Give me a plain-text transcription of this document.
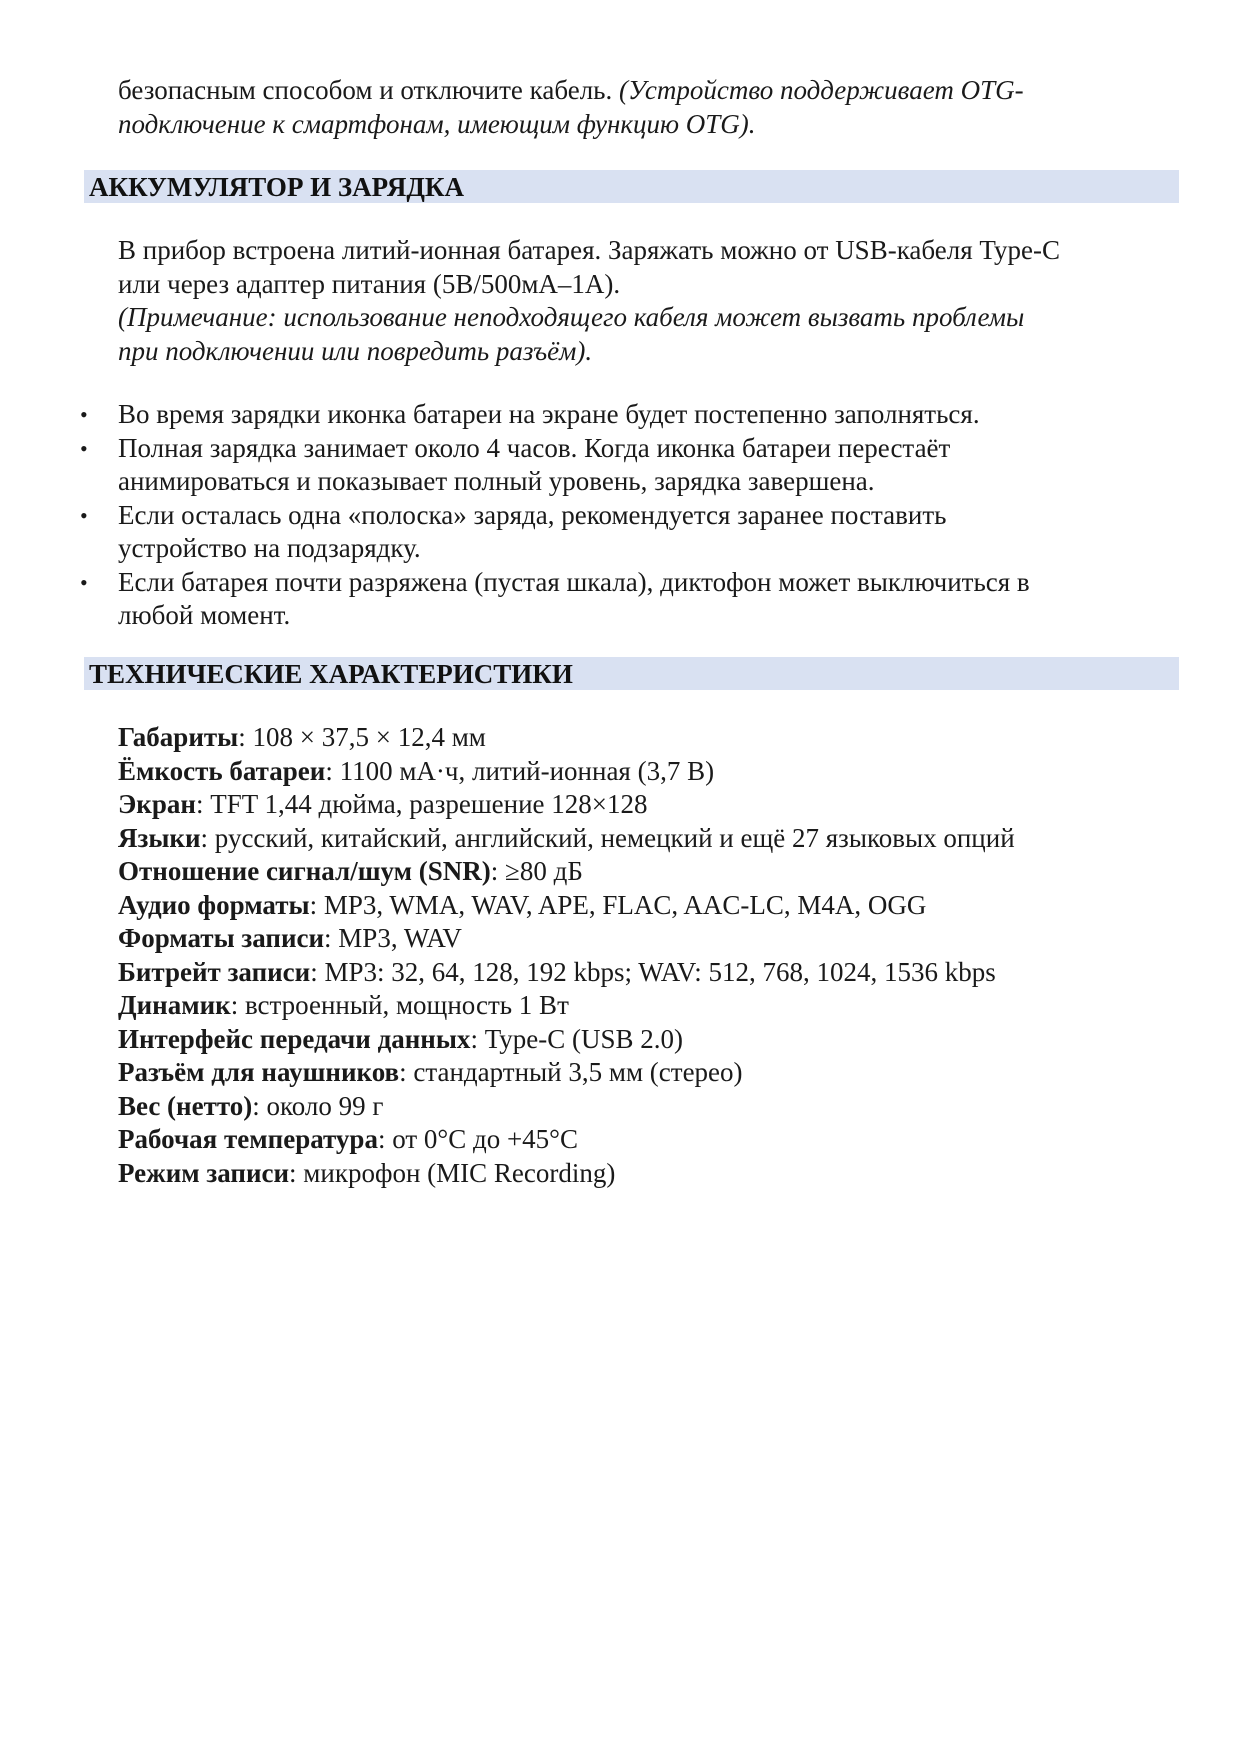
безопасным способом и отключите кабель. (Устройство поддерживает OTG-
подключение к смартфонам, имеющим функцию OTG).
АККУМУЛЯТОР И ЗАРЯДКА
В прибор встроена литий-ионная батарея. Заряжать можно от USB-кабеля Type-C
или через адаптер питания (5В/500мА–1А).
(Примечание: использование неподходящего кабеля может вызвать проблемы
при подключении или повредить разъём).
• Во время зарядки иконка батареи на экране будет постепенно заполняться.
• Полная зарядка занимает около 4 часов. Когда иконка батареи перестаёт
анимироваться и показывает полный уровень, зарядка завершена.
• Если осталась одна «полоска» заряда, рекомендуется заранее поставить
устройство на подзарядку.
• Если батарея почти разряжена (пустая шкала), диктофон может выключиться в
любой момент.
ТЕХНИЧЕСКИЕ ХАРАКТЕРИСТИКИ
Габариты: 108 × 37,5 × 12,4 мм
Ёмкость батареи: 1100 мА·ч, литий-ионная (3,7 В)
Экран: TFT 1,44 дюйма, разрешение 128×128
Языки: русский, китайский, английский, немецкий и ещё 27 языковых опций
Отношение сигнал/шум (SNR): ≥80 дБ
Аудио форматы: MP3, WMA, WAV, APE, FLAC, AAC-LC, M4A, OGG
Форматы записи: MP3, WAV
Битрейт записи: MP3: 32, 64, 128, 192 kbps; WAV: 512, 768, 1024, 1536 kbps
Динамик: встроенный, мощность 1 Вт
Интерфейс передачи данных: Type-C (USB 2.0)
Разъём для наушников: стандартный 3,5 мм (стерео)
Вес (нетто): около 99 г
Рабочая температура: от 0°C до +45°C
Режим записи: микрофон (MIC Recording)
